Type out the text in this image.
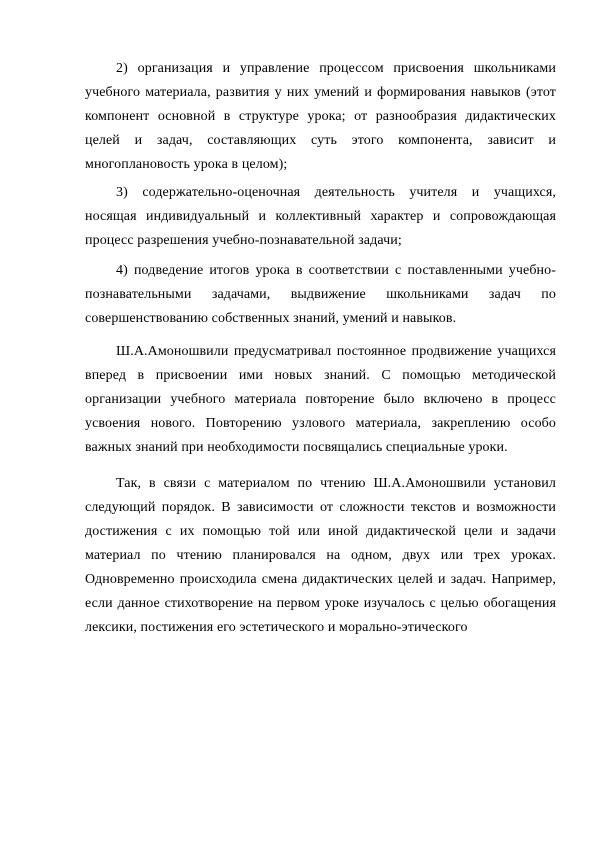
2) организация и управление процессом присвоения школьниками учебного материала, развития у них умений и формирования навыков (этот компонент основной в структуре урока; от разнообразия дидактических целей и задач, составляющих суть этого компонента, зависит и многоплановость урока в целом);

3) содержательно-оценочная деятельность учителя и учащихся, носящая индивидуальный и коллективный характер и сопровождающая процесс разрешения учебно-познавательной задачи;

4) подведение итогов урока в соответствии с поставленными учебно-познавательными задачами, выдвижение школьниками задач по совершенствованию собственных знаний, умений и навыков.

Ш.А.Амоношвили предусматривал постоянное продвижение учащихся вперед в присвоении ими новых знаний. С помощью методической организации учебного материала повторение было включено в процесс усвоения нового. Повторению узлового материала, закреплению особо важных знаний при необходимости посвящались специальные уроки.

Так, в связи с материалом по чтению Ш.А.Амоношвили установил следующий порядок. В зависимости от сложности текстов и возможности достижения с их помощью той или иной дидактической цели и задачи материал по чтению планировался на одном, двух или трех уроках. Одновременно происходила смена дидактических целей и задач. Например, если данное стихотворение на первом уроке изучалось с целью обогащения лексики, постижения его эстетического и морально-этического
